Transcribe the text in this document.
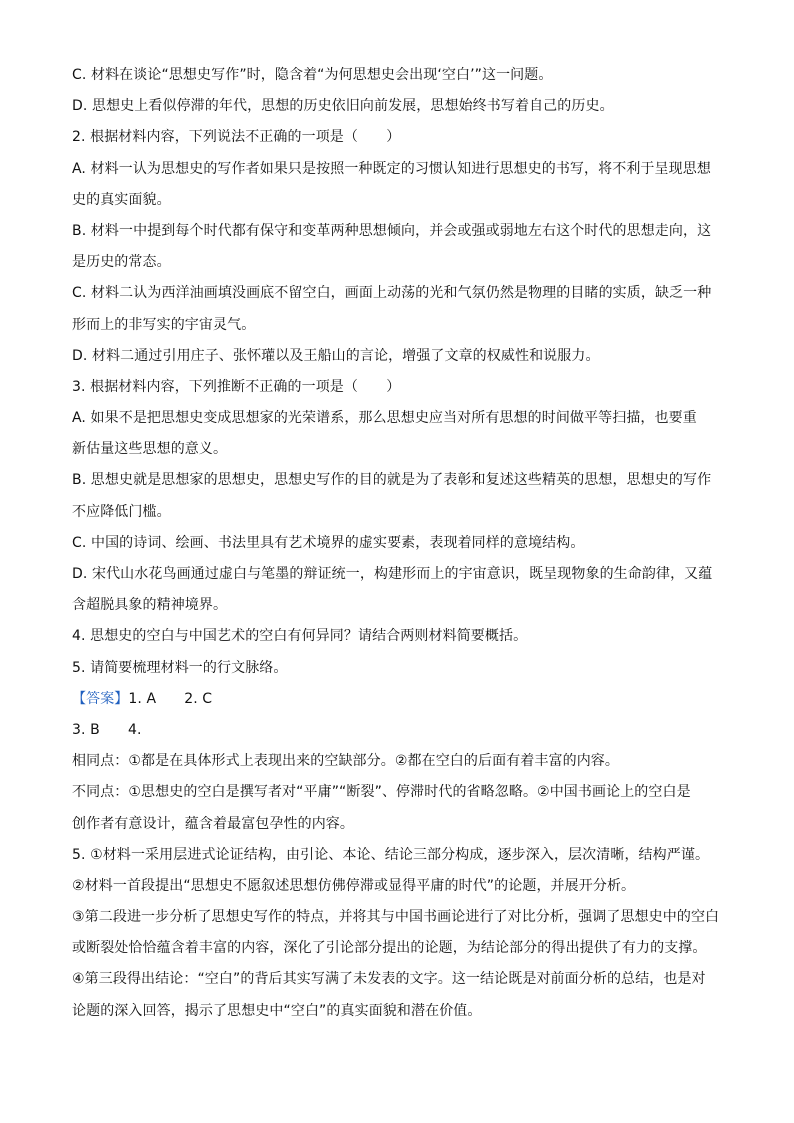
C. 材料在谈论“思想史写作”时，隐含着“为何思想史会出现‘空白’”这一问题。
D. 思想史上看似停滞的年代，思想的历史依旧向前发展，思想始终书写着自己的历史。
2. 根据材料内容，下列说法不正确的一项是（　　）
A. 材料一认为思想史的写作者如果只是按照一种既定的习惯认知进行思想史的书写，将不利于呈现思想
史的真实面貌。
B. 材料一中提到每个时代都有保守和变革两种思想倾向，并会或强或弱地左右这个时代的思想走向，这
是历史的常态。
C. 材料二认为西洋油画填没画底不留空白，画面上动荡的光和气氛仍然是物理的目睹的实质，缺乏一种
形而上的非写实的宇宙灵气。
D. 材料二通过引用庄子、张怀瓘以及王船山的言论，增强了文章的权威性和说服力。
3. 根据材料内容，下列推断不正确的一项是（　　）
A. 如果不是把思想史变成思想家的光荣谱系，那么思想史应当对所有思想的时间做平等扫描，也要重
新估量这些思想的意义。
B. 思想史就是思想家的思想史，思想史写作的目的就是为了表彰和复述这些精英的思想，思想史的写作
不应降低门槛。
C. 中国的诗词、绘画、书法里具有艺术境界的虚实要素，表现着同样的意境结构。
D. 宋代山水花鸟画通过虚白与笔墨的辩证统一，构建形而上的宇宙意识，既呈现物象的生命韵律，又蕴
含超脱具象的精神境界。
4. 思想史的空白与中国艺术的空白有何异同？请结合两则材料简要概括。
5. 请简要梳理材料一的行文脉络。
【答案】1. A 2. C
3. B　　4.
相同点：①都是在具体形式上表现出来的空缺部分。②都在空白的后面有着丰富的内容。
不同点：①思想史的空白是撰写者对“平庸”“断裂”、停滞时代的省略忽略。②中国书画论上的空白是
创作者有意设计，蕴含着最富包孕性的内容。
5. ①材料一采用层进式论证结构，由引论、本论、结论三部分构成，逐步深入，层次清晰，结构严谨。
②材料一首段提出“思想史不愿叙述思想仿佛停滞或显得平庸的时代”的论题，并展开分析。
③第二段进一步分析了思想史写作的特点，并将其与中国书画论进行了对比分析，强调了思想史中的空白
或断裂处恰恰蕴含着丰富的内容，深化了引论部分提出的论题，为结论部分的得出提供了有力的支撑。
④第三段得出结论：“空白”的背后其实写满了未发表的文字。这一结论既是对前面分析的总结，也是对
论题的深入回答，揭示了思想史中“空白”的真实面貌和潜在价值。
